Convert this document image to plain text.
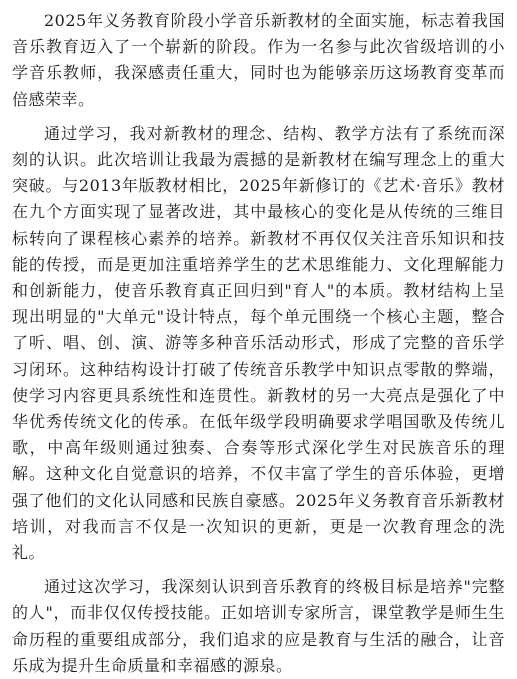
2025年义务教育阶段小学音乐新教材的全面实施，标志着我国音乐教育迈入了一个崭新的阶段。作为一名参与此次省级培训的小学音乐教师，我深感责任重大，同时也为能够亲历这场教育变革而倍感荣幸。

通过学习，我对新教材的理念、结构、教学方法有了系统而深刻的认识。此次培训让我最为震撼的是新教材在编写理念上的重大突破。与2013年版教材相比，2025年新修订的《艺术·音乐》教材在九个方面实现了显著改进，其中最核心的变化是从传统的三维目标转向了课程核心素养的培养。新教材不再仅仅关注音乐知识和技能的传授，而是更加注重培养学生的艺术思维能力、文化理解能力和创新能力，使音乐教育真正回归到"育人"的本质。教材结构上呈现出明显的"大单元"设计特点，每个单元围绕一个核心主题，整合了听、唱、创、演、游等多种音乐活动形式，形成了完整的音乐学习闭环。这种结构设计打破了传统音乐教学中知识点零散的弊端，使学习内容更具系统性和连贯性。新教材的另一大亮点是强化了中华优秀传统文化的传承。在低年级学段明确要求学唱国歌及传统儿歌，中高年级则通过独奏、合奏等形式深化学生对民族音乐的理解。这种文化自觉意识的培养，不仅丰富了学生的音乐体验，更增强了他们的文化认同感和民族自豪感。2025年义务教育音乐新教材培训，对我而言不仅是一次知识的更新，更是一次教育理念的洗礼。

通过这次学习，我深刻认识到音乐教育的终极目标是培养"完整的人"，而非仅仅传授技能。正如培训专家所言，课堂教学是师生生命历程的重要组成部分，我们追求的应是教育与生活的融合，让音乐成为提升生命质量和幸福感的源泉。
